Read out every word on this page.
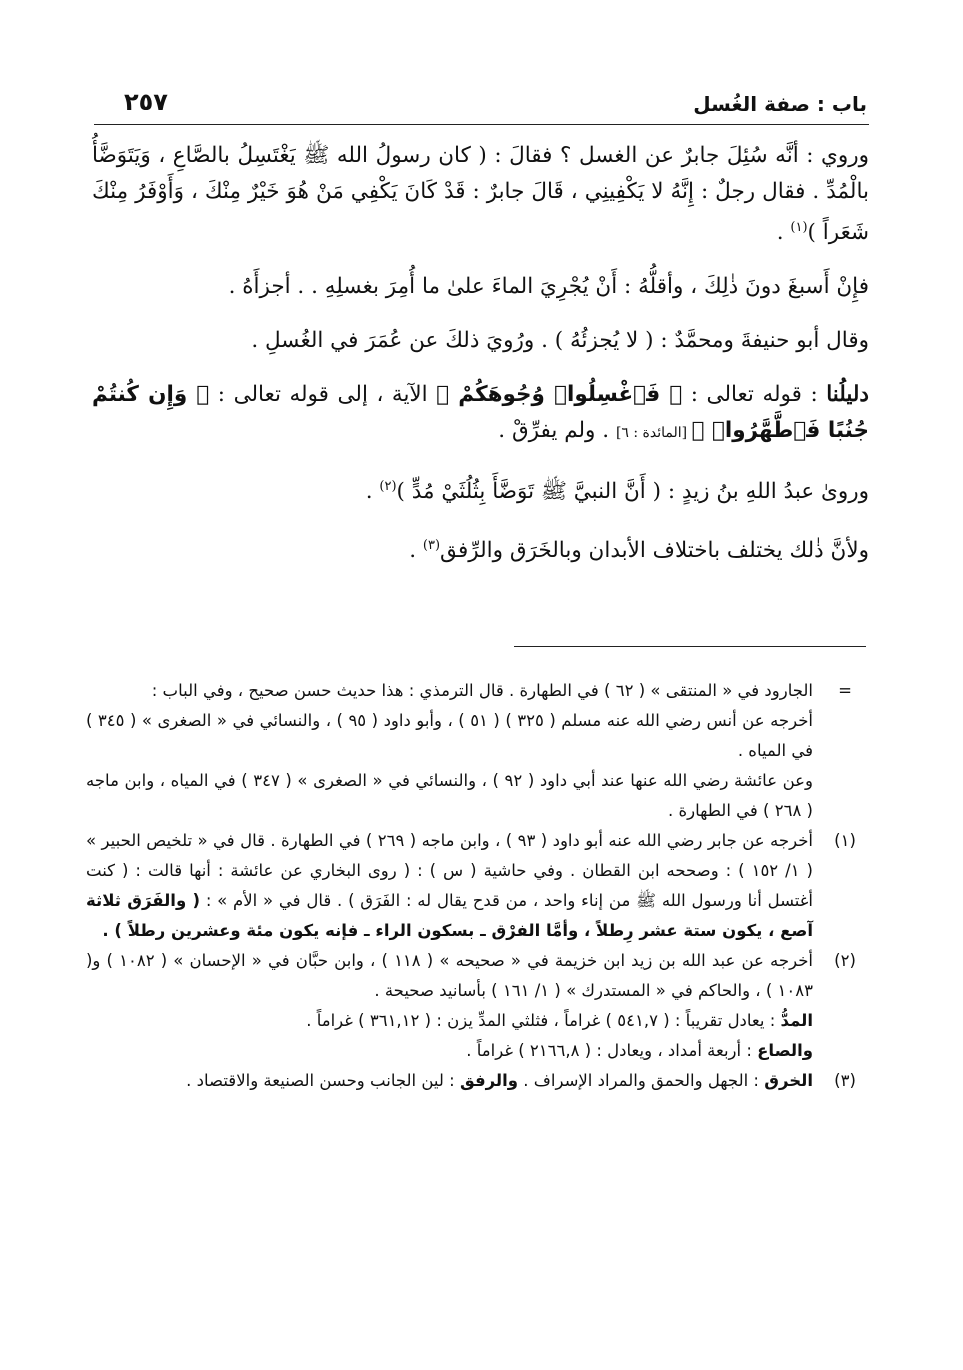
باب : صفة الغُسل
٢٥٧

وروي : أنَّه سُئِلَ جابرٌ عن الغسل ؟ فقالَ : ( كان رسولُ الله ﷺ يَغْتَسِلُ بالصَّاعِ ، وَيَتَوَضَّأُ بالْمُدِّ . فقال رجلٌ : إِنَّهُ لا يَكْفِينِي ، قَالَ جابرٌ : قَدْ كَانَ يَكْفِي مَنْ هُوَ خَيْرٌ مِنْكَ ، وَأَوْفَرُ مِنْكَ شَعَراً )$^{(١)}$ .

فإِنْ أَسبغَ دونَ ذٰلِكَ ، وأقلُّهُ : أَنْ يُجْرِيَ الماءَ علىٰ ما أُمِرَ بغسلِهِ . . أجزأَهُ .

وقال أبو حنيفةَ ومحمَّدٌ : ( لا يُجزئُهُ ) . ورُويَ ذلكَ عن عُمَرَ في الغُسلِ .

دليلُنا : قوله تعالى : ﴿ فَٱغْسِلُوا۟ وُجُوهَكُمْ ﴾ الآية ، إلى قوله تعالى : ﴿ وَإِن كُنتُمْ جُنُبًا فَٱطَّهَّرُوا۟ ﴾ [المائدة : ٦] . ولم يفرِّقْ .

وروىٰ عبدُ اللهِ بنُ زيدٍ : ( أَنَّ النبيَّ ﷺ تَوَضَّأَ بِثُلُثَيْ مُدٍّ )$^{(٢)}$ .

ولأنَّ ذٰلك يختلف باختلاف الأبدان وبالخَرَق والرِّفق$^{(٣)}$ .

=

الجارود في « المنتقى » ( ٦٢ ) في الطهارة . قال الترمذي : هذا حديث حسن صحيح ، وفي الباب :

أخرجه عن أنس رضي الله عنه مسلم ( ٣٢٥ ) ( ٥١ ) ، وأبو داود ( ٩٥ ) ، والنسائي في « الصغرى » ( ٣٤٥ ) في المياه .

وعن عائشة رضي الله عنها عند أبي داود ( ٩٢ ) ، والنسائي في « الصغرى » ( ٣٤٧ ) في المياه ، وابن ماجه ( ٢٦٨ ) في الطهارة .

(١)

أخرجه عن جابر رضي الله عنه أبو داود ( ٩٣ ) ، وابن ماجه ( ٢٦٩ ) في الطهارة . قال في « تلخيص الحبير » ( ١/ ١٥٢ ) : وصححه ابن القطان . وفي حاشية ( س ) : ( روى البخاري عن عائشة : أنها قالت : ( كنت أغتسل أنا ورسول الله ﷺ من إناء واحد ، من قدح يقال له : الفَرَق ) . قال في « الأم » : ( والفَرَق ثلاثة آصع ، يكون ستة عشر رِطلاً ، وأمَّا الفرْق ـ بسكون الراء ـ فإنه يكون مئة وعشرين رطلاً ) .

(٢)

أخرجه عن عبد الله بن زيد ابن خزيمة في « صحيحه » ( ١١٨ ) ، وابن حبَّان في « الإحسان » ( ١٠٨٢ ) و( ١٠٨٣ ) ، والحاكم في « المستدرك » ( ١/ ١٦١ ) بأسانيد صحيحة .

المدُّ : يعادل تقريباً : ( ٥٤١,٧ ) غراماً ، فثلثي المدِّ يزن : ( ٣٦١,١٢ ) غراماً .

والصاع : أربعة أمداد ، ويعادل : ( ٢١٦٦,٨ ) غراماً .

(٣)

الخرق : الجهل والحمق والمراد الإسراف . والرفق : لين الجانب وحسن الصنيعة والاقتصاد .
